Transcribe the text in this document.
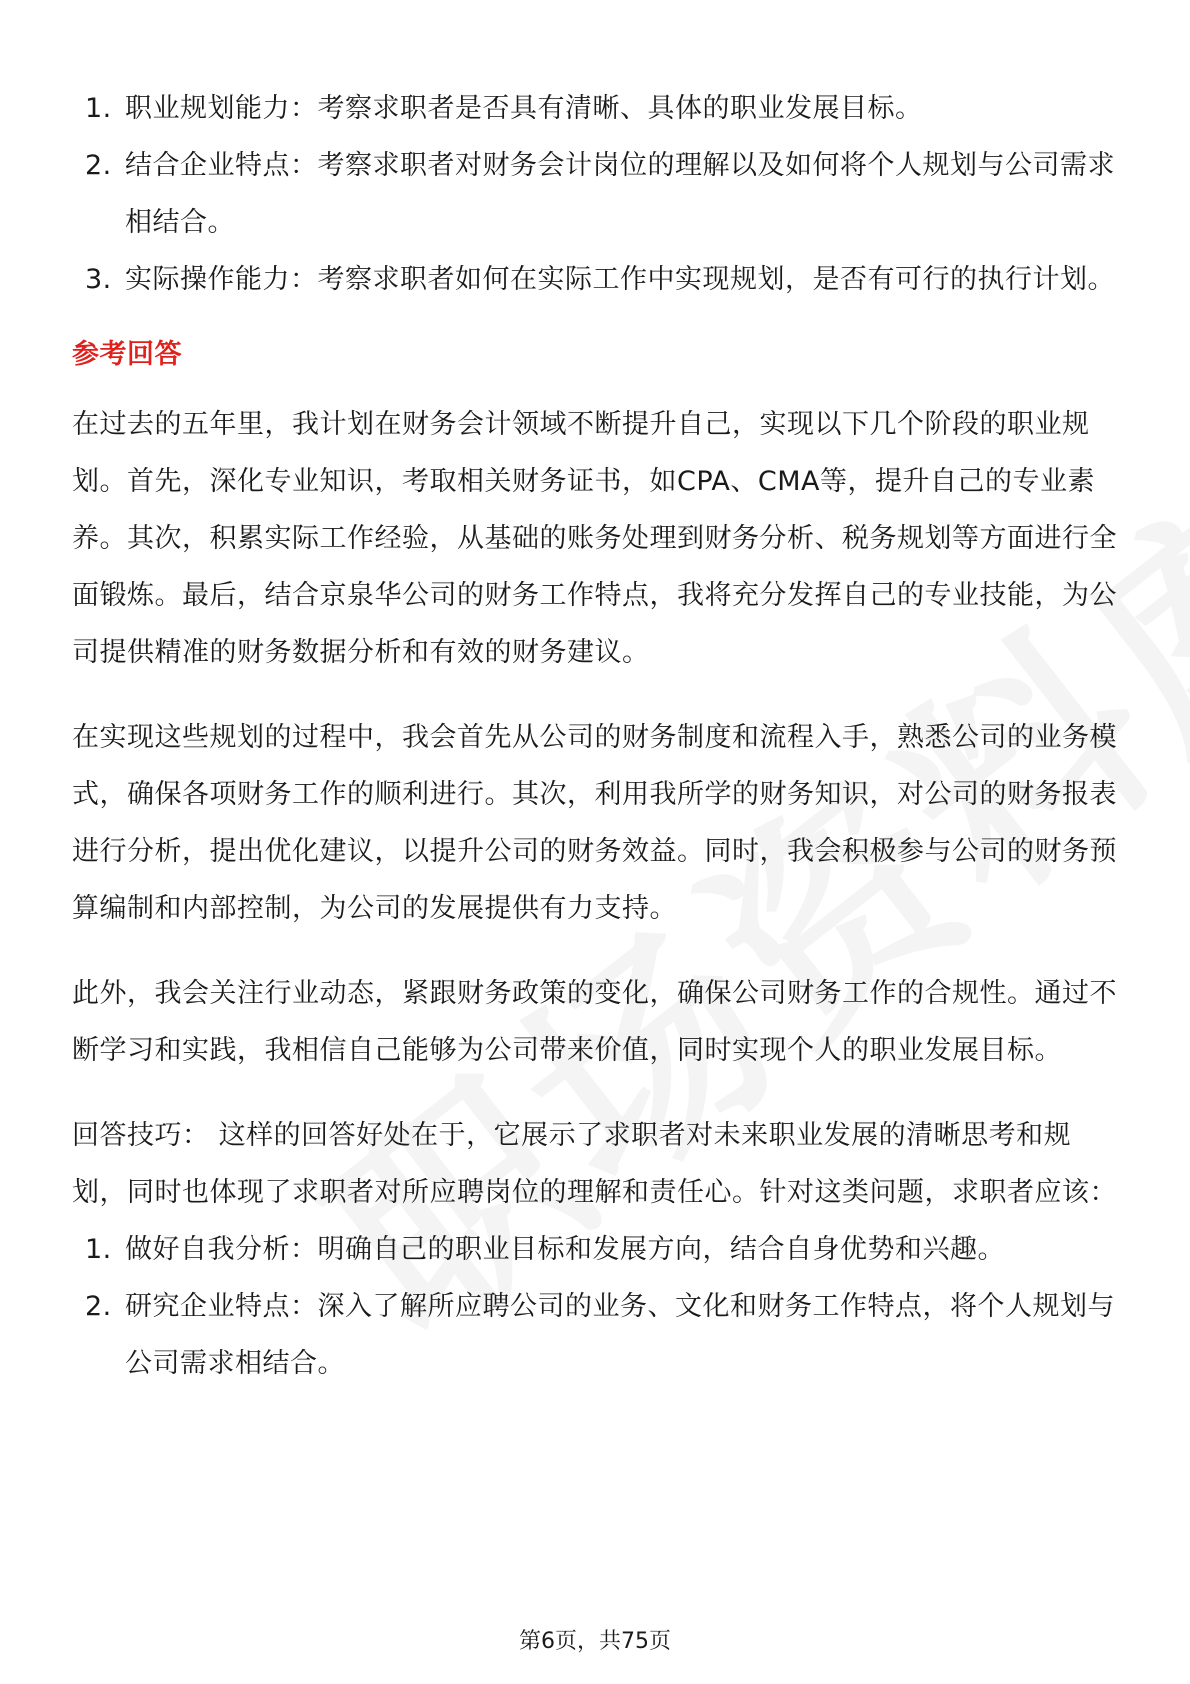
1. 职业规划能力：考察求职者是否具有清晰、具体的职业发展目标。
2. 结合企业特点：考察求职者对财务会计岗位的理解以及如何将个人规划与公司需求相结合。
3. 实际操作能力：考察求职者如何在实际工作中实现规划，是否有可行的执行计划。
参考回答

在过去的五年里，我计划在财务会计领域不断提升自己，实现以下几个阶段的职业规划。首先，深化专业知识，考取相关财务证书，如CPA、CMA等，提升自己的专业素养。其次，积累实际工作经验，从基础的账务处理到财务分析、税务规划等方面进行全面锻炼。最后，结合京泉华公司的财务工作特点，我将充分发挥自己的专业技能，为公司提供精准的财务数据分析和有效的财务建议。

在实现这些规划的过程中，我会首先从公司的财务制度和流程入手，熟悉公司的业务模式，确保各项财务工作的顺利进行。其次，利用我所学的财务知识，对公司的财务报表进行分析，提出优化建议，以提升公司的财务效益。同时，我会积极参与公司的财务预算编制和内部控制，为公司的发展提供有力支持。

此外，我会关注行业动态，紧跟财务政策的变化，确保公司财务工作的合规性。通过不断学习和实践，我相信自己能够为公司带来价值，同时实现个人的职业发展目标。

回答技巧： 这样的回答好处在于，它展示了求职者对未来职业发展的清晰思考和规划，同时也体现了求职者对所应聘岗位的理解和责任心。针对这类问题，求职者应该：

1. 做好自我分析：明确自己的职业目标和发展方向，结合自身优势和兴趣。
2. 研究企业特点：深入了解所应聘公司的业务、文化和财务工作特点，将个人规划与公司需求相结合。
第6页，共75页
